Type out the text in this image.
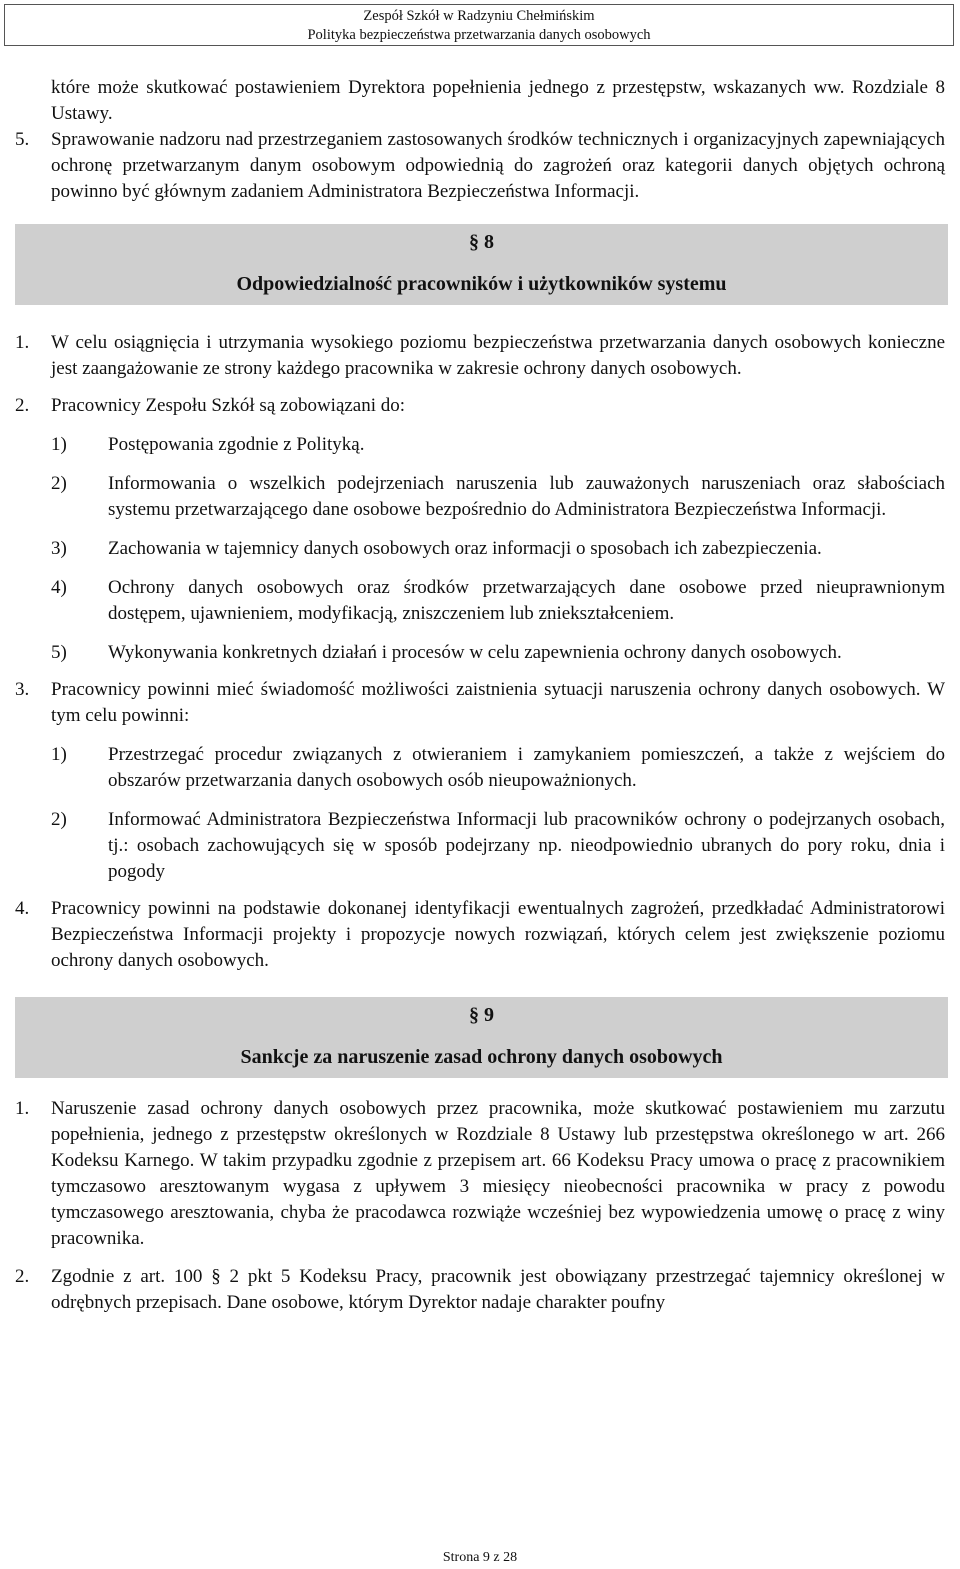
Zespół Szkół w Radzyniu Chełmińskim
Polityka bezpieczeństwa przetwarzania danych osobowych

które może skutkować postawieniem Dyrektora popełnienia jednego z przestępstw, wskazanych ww. Rozdziale 8 Ustawy.

5. Sprawowanie nadzoru nad przestrzeganiem zastosowanych środków technicznych i organizacyjnych zapewniających ochronę przetwarzanym danym osobowym odpowiednią do zagrożeń oraz kategorii danych objętych ochroną powinno być głównym zadaniem Administratora Bezpieczeństwa Informacji.

§ 8
Odpowiedzialność pracowników i użytkowników systemu

1. W celu osiągnięcia i utrzymania wysokiego poziomu bezpieczeństwa przetwarzania danych osobowych konieczne jest zaangażowanie ze strony każdego pracownika w zakresie ochrony danych osobowych.

2. Pracownicy Zespołu Szkół są zobowiązani do:

1) Postępowania zgodnie z Polityką.

2) Informowania o wszelkich podejrzeniach naruszenia lub zauważonych naruszeniach oraz słabościach systemu przetwarzającego dane osobowe bezpośrednio do Administratora Bezpieczeństwa Informacji.

3) Zachowania w tajemnicy danych osobowych oraz informacji o sposobach ich zabezpieczenia.

4) Ochrony danych osobowych oraz środków przetwarzających dane osobowe przed nieuprawnionym dostępem, ujawnieniem, modyfikacją, zniszczeniem lub zniekształceniem.

5) Wykonywania konkretnych działań i procesów w celu zapewnienia ochrony danych osobowych.

3. Pracownicy powinni mieć świadomość możliwości zaistnienia sytuacji naruszenia ochrony danych osobowych. W tym celu powinni:

1) Przestrzegać procedur związanych z otwieraniem i zamykaniem pomieszczeń, a także z wejściem do obszarów przetwarzania danych osobowych osób nieupoważnionych.

2) Informować Administratora Bezpieczeństwa Informacji lub pracowników ochrony o podejrzanych osobach, tj.: osobach zachowujących się w sposób podejrzany np. nieodpowiednio ubranych do pory roku, dnia i pogody

4. Pracownicy powinni na podstawie dokonanej identyfikacji ewentualnych zagrożeń, przedkładać Administratorowi Bezpieczeństwa Informacji projekty i propozycje nowych rozwiązań, których celem jest zwiększenie poziomu ochrony danych osobowych.

§ 9
Sankcje za naruszenie zasad ochrony danych osobowych

1. Naruszenie zasad ochrony danych osobowych przez pracownika, może skutkować postawieniem mu zarzutu popełnienia, jednego z przestępstw określonych w Rozdziale 8 Ustawy lub przestępstwa określonego w art. 266 Kodeksu Karnego. W takim przypadku zgodnie z przepisem art. 66 Kodeksu Pracy umowa o pracę z pracownikiem tymczasowo aresztowanym wygasa z upływem 3 miesięcy nieobecności pracownika w pracy z powodu tymczasowego aresztowania, chyba że pracodawca rozwiąże wcześniej bez wypowiedzenia umowę o pracę z winy pracownika.

2. Zgodnie z art. 100 § 2 pkt 5 Kodeksu Pracy, pracownik jest obowiązany przestrzegać tajemnicy określonej w odrębnych przepisach. Dane osobowe, którym Dyrektor nadaje charakter poufny

Strona 9 z 28
